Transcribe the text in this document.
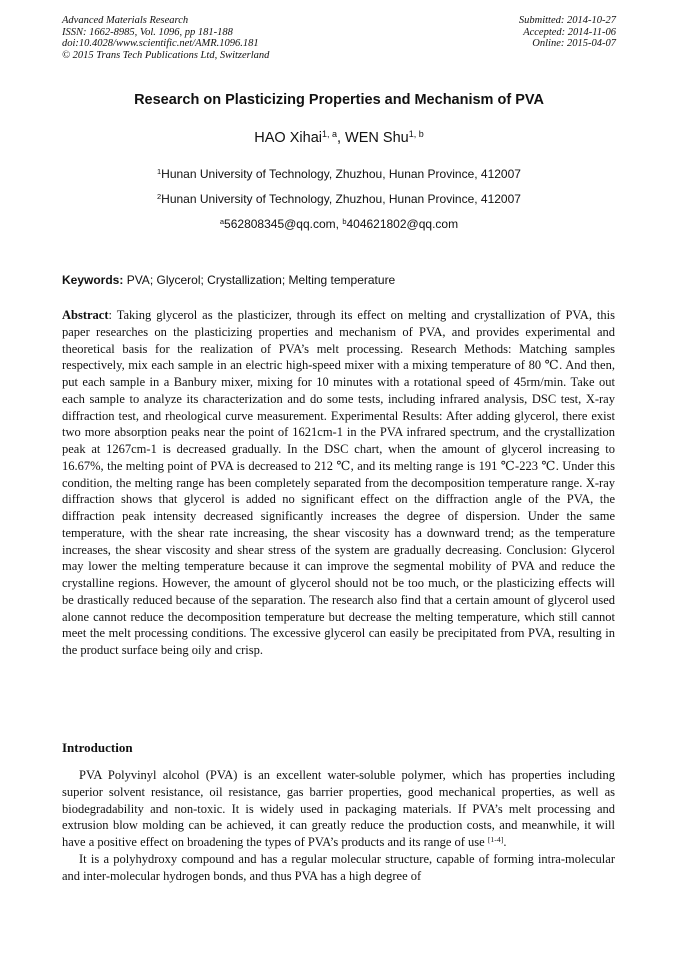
Advanced Materials Research
ISSN: 1662-8985, Vol. 1096, pp 181-188
doi:10.4028/www.scientific.net/AMR.1096.181
© 2015 Trans Tech Publications Ltd, Switzerland
Submitted: 2014-10-27
Accepted: 2014-11-06
Online: 2015-04-07
Research on Plasticizing Properties and Mechanism of PVA
HAO Xihai$^{1, a}$, WEN Shu$^{1, b}$
$^1$Hunan University of Technology, Zhuzhou, Hunan Province, 412007
$^2$Hunan University of Technology, Zhuzhou, Hunan Province, 412007
$^a$562808345@qq.com, $^b$404621802@qq.com
Keywords: PVA; Glycerol; Crystallization; Melting temperature
Abstract: Taking glycerol as the plasticizer, through its effect on melting and crystallization of PVA, this paper researches on the plasticizing properties and mechanism of PVA, and provides experimental and theoretical basis for the realization of PVA’s melt processing. Research Methods: Matching samples respectively, mix each sample in an electric high-speed mixer with a mixing temperature of 80 ℃. And then, put each sample in a Banbury mixer, mixing for 10 minutes with a rotational speed of 45rm/min. Take out each sample to analyze its characterization and do some tests, including infrared analysis, DSC test, X-ray diffraction test, and rheological curve measurement. Experimental Results: After adding glycerol, there exist two more absorption peaks near the point of 1621cm-1 in the PVA infrared spectrum, and the crystallization peak at 1267cm-1 is decreased gradually. In the DSC chart, when the amount of glycerol increasing to 16.67%, the melting point of PVA is decreased to 212 ℃, and its melting range is 191 ℃-223 ℃. Under this condition, the melting range has been completely separated from the decomposition temperature range. X-ray diffraction shows that glycerol is added no significant effect on the diffraction angle of the PVA, the diffraction peak intensity decreased significantly increases the degree of dispersion. Under the same temperature, with the shear rate increasing, the shear viscosity has a downward trend; as the temperature increases, the shear viscosity and shear stress of the system are gradually decreasing. Conclusion: Glycerol may lower the melting temperature because it can improve the segmental mobility of PVA and reduce the crystalline regions. However, the amount of glycerol should not be too much, or the plasticizing effects will be drastically reduced because of the separation. The research also find that a certain amount of glycerol used alone cannot reduce the decomposition temperature but decrease the melting temperature, which still cannot meet the melt processing conditions. The excessive glycerol can easily be precipitated from PVA, resulting in the product surface being oily and crisp.
Introduction

PVA Polyvinyl alcohol (PVA) is an excellent water-soluble polymer, which has properties including superior solvent resistance, oil resistance, gas barrier properties, good mechanical properties, as well as biodegradability and non-toxic. It is widely used in packaging materials. If PVA’s melt processing and extrusion blow molding can be achieved, it can greatly reduce the production costs, and meanwhile, it will have a positive effect on broadening the types of PVA’s products and its range of use [1-4].

It is a polyhydroxy compound and has a regular molecular structure, capable of forming intra-molecular and inter-molecular hydrogen bonds, and thus PVA has a high degree of
